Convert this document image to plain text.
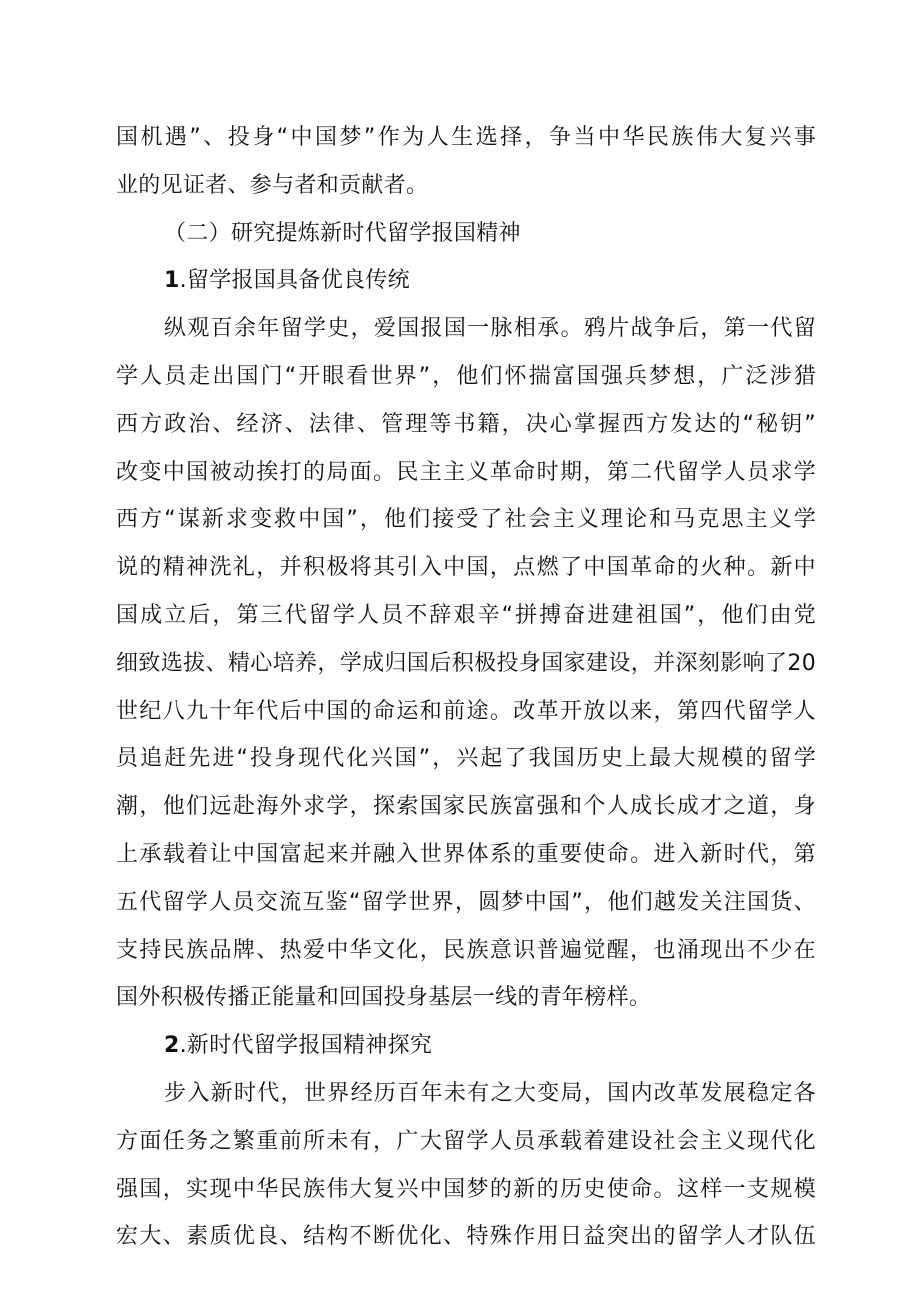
国机遇”、投身“中国梦”作为人生选择，争当中华民族伟大复兴事
业的见证者、参与者和贡献者。
（二）研究提炼新时代留学报国精神
1.留学报国具备优良传统
纵观百余年留学史，爱国报国一脉相承。鸦片战争后，第一代留
学人员走出国门“开眼看世界”，他们怀揣富国强兵梦想，广泛涉猎
西方政治、经济、法律、管理等书籍，决心掌握西方发达的“秘钥”
改变中国被动挨打的局面。民主主义革命时期，第二代留学人员求学
西方“谋新求变救中国”，他们接受了社会主义理论和马克思主义学
说的精神洗礼，并积极将其引入中国，点燃了中国革命的火种。新中
国成立后，第三代留学人员不辞艰辛“拼搏奋进建祖国”，他们由党
细致选拔、精心培养，学成归国后积极投身国家建设，并深刻影响了20
世纪八九十年代后中国的命运和前途。改革开放以来，第四代留学人
员追赶先进“投身现代化兴国”，兴起了我国历史上最大规模的留学
潮，他们远赴海外求学，探索国家民族富强和个人成长成才之道，身
上承载着让中国富起来并融入世界体系的重要使命。进入新时代，第
五代留学人员交流互鉴“留学世界，圆梦中国”，他们越发关注国货、
支持民族品牌、热爱中华文化，民族意识普遍觉醒，也涌现出不少在
国外积极传播正能量和回国投身基层一线的青年榜样。
2.新时代留学报国精神探究
步入新时代，世界经历百年未有之大变局，国内改革发展稳定各
方面任务之繁重前所未有，广大留学人员承载着建设社会主义现代化
强国，实现中华民族伟大复兴中国梦的新的历史使命。这样一支规模
宏大、素质优良、结构不断优化、特殊作用日益突出的留学人才队伍
